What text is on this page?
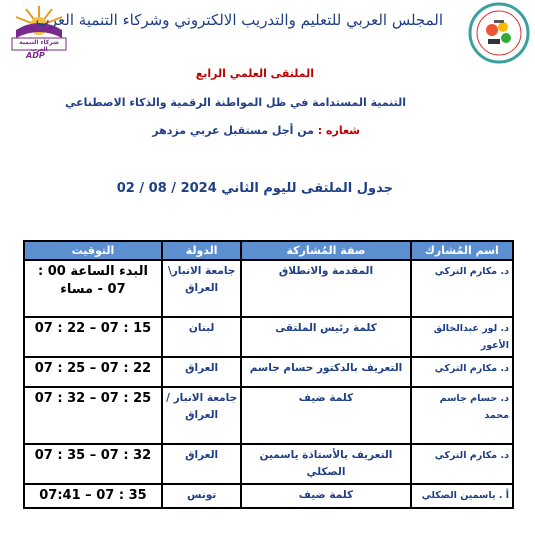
شركاء التنمية العرب
ADP
المجلس العربي للتعليم والتدريب الالكتروني وشركاء التنمية العرب
الملتقى العلمي الرابع
التنمية المستدامة في ظل المواطنة الرقمية والذكاء الاصطناعي
شعاره : من أجل مستقبل عربي مزدهر
جدول الملتقى لليوم الثاني 2024 / 08 / 02
اسم المُشارك	صفة المُشاركة	الدولة	التوقيت
د. مكارم التركي	المقدمة والانطلاق	جامعة الانبار\ العراق	البدء الساعة 00 : 07 - مساء
د. لور عبدالخالق الأعور	كلمة رئيس الملتقى	لبنان	15 : 07 – 22 : 07
د. مكارم التركي	التعريف بالدكتور حسام جاسم	العراق	22 : 07 – 25 : 07
د. حسام جاسم محمد	كلمة ضيف	جامعة الانبار / العراق	25 : 07 – 32 : 07
د. مكارم التركي	التعريف بالأستاذة ياسمين الصكلي	العراق	32 : 07 – 35 : 07
أ . ياسمين الصكلي	كلمة ضيف	تونس	35 : 07 – 07:41
